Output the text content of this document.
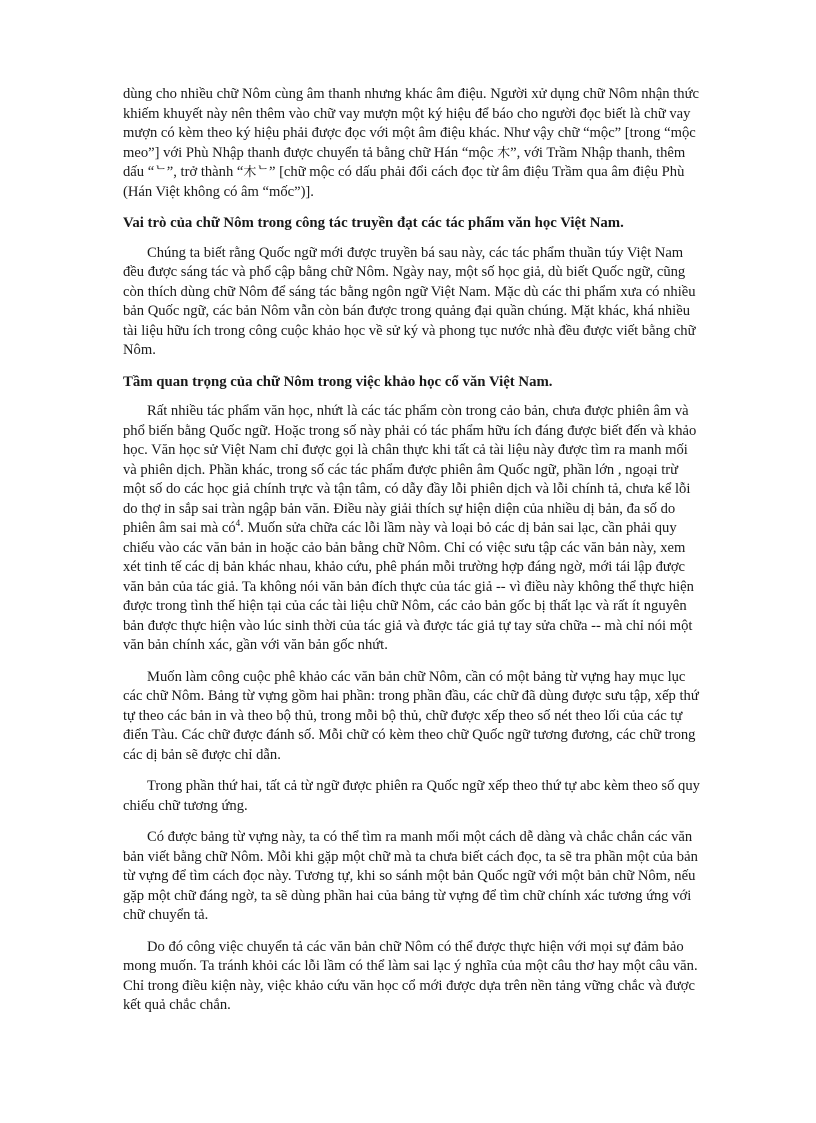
dùng cho nhiều chữ Nôm cùng âm thanh nhưng khác âm điệu. Người xử dụng chữ Nôm nhận thức khiếm khuyết này nên thêm vào chữ vay mượn một ký hiệu để báo cho người đọc biết là chữ vay mượn có kèm theo ký hiệu phải được đọc với một âm điệu khác. Như vậy chữ “mộc” [trong “mộc meo”] với Phù Nhập thanh được chuyển tả bằng chữ Hán “mộc 木”, với Trầm Nhập thanh, thêm dấu “ᄂ”, trở thành “木ᄂ” [chữ mộc có dấu phải đổi cách đọc từ âm điệu Trầm qua âm điệu Phù (Hán Việt không có âm “mốc”)].

Vai trò của chữ Nôm trong công tác truyền đạt các tác phẩm văn học Việt Nam.

Chúng ta biết rằng Quốc ngữ mới được truyền bá sau này, các tác phẩm thuần túy Việt Nam đều được sáng tác và phổ cập bằng chữ Nôm. Ngày nay, một số học giả, dù biết Quốc ngữ, cũng còn thích dùng chữ Nôm để sáng tác bằng ngôn ngữ Việt Nam. Mặc dù các thi phẩm xưa có nhiều bản Quốc ngữ, các bản Nôm vẫn còn bán được trong quảng đại quần chúng. Mặt khác, khá nhiều tài liệu hữu ích trong công cuộc khảo học về sử ký và phong tục nước nhà đều được viết bằng chữ Nôm.

Tầm quan trọng của chữ Nôm trong việc khảo học cổ văn Việt Nam.

Rất nhiều tác phẩm văn học, nhứt là các tác phẩm còn trong cảo bản, chưa được phiên âm và phổ biến bằng Quốc ngữ. Hoặc trong số này phải có tác phẩm hữu ích đáng được biết đến và khảo học. Văn học sử Việt Nam chỉ được gọi là chân thực khi tất cả tài liệu này được tìm ra manh mối và phiên dịch. Phần khác, trong số các tác phẩm được phiên âm Quốc ngữ, phần lớn , ngoại trừ một số do các học giả chính trực và tận tâm, có dẫy đầy lỗi phiên dịch và lỗi chính tả, chưa kể lỗi do thợ in sắp sai tràn ngập bản văn. Điều này giải thích sự hiện diện của nhiều dị bản, đa số do phiên âm sai mà $có^4$. Muốn sửa chữa các lỗi lầm này và loại bỏ các dị bản sai lạc, cần phải quy chiếu vào các văn bản in hoặc cảo bản bằng chữ Nôm. Chỉ có việc sưu tập các văn bản này, xem xét tinh tế các dị bản khác nhau, khảo cứu, phê phán mỗi trường hợp đáng ngờ, mới tái lập được văn bản của tác giả. Ta không nói văn bản đích thực của tác giả -- vì điều này không thể thực hiện được trong tình thế hiện tại của các tài liệu chữ Nôm, các cảo bản gốc bị thất lạc và rất ít nguyên bản được thực hiện vào lúc sinh thời của tác giả và được tác giả tự tay sửa chữa -- mà chỉ nói một văn bản chính xác, gần với văn bản gốc nhứt.

Muốn làm công cuộc phê khảo các văn bản chữ Nôm, cần có một bảng từ vựng hay mục lục các chữ Nôm. Bảng từ vựng gồm hai phần: trong phần đầu, các chữ đã dùng được sưu tập, xếp thứ tự theo các bản in và theo bộ thủ, trong mỗi bộ thủ, chữ được xếp theo số nét theo lối của các tự điển Tàu. Các chữ được đánh số. Mỗi chữ có kèm theo chữ Quốc ngữ tương đương, các chữ trong các dị bản sẽ được chỉ dẫn.

Trong phần thứ hai, tất cả từ ngữ được phiên ra Quốc ngữ xếp theo thứ tự abc kèm theo số quy chiếu chữ tương ứng.

Có được bảng từ vựng này, ta có thể tìm ra manh mối một cách dễ dàng và chắc chắn các văn bản viết bằng chữ Nôm. Mỗi khi gặp một chữ mà ta chưa biết cách đọc, ta sẽ tra phần một của bản từ vựng để tìm cách đọc này. Tương tự, khi so sánh một bản Quốc ngữ với một bản chữ Nôm, nếu gặp một chữ đáng ngờ, ta sẽ dùng phần hai của bảng từ vựng để tìm chữ chính xác tương ứng với chữ chuyển tả.

Do đó công việc chuyển tả các văn bản chữ Nôm có thể được thực hiện với mọi sự đảm bảo mong muốn. Ta tránh khỏi các lỗi lầm có thể làm sai lạc ý nghĩa của một câu thơ hay một câu văn. Chỉ trong điều kiện này, việc khảo cứu văn học cổ mới được dựa trên nền tảng vững chắc và được kết quả chắc chắn.
